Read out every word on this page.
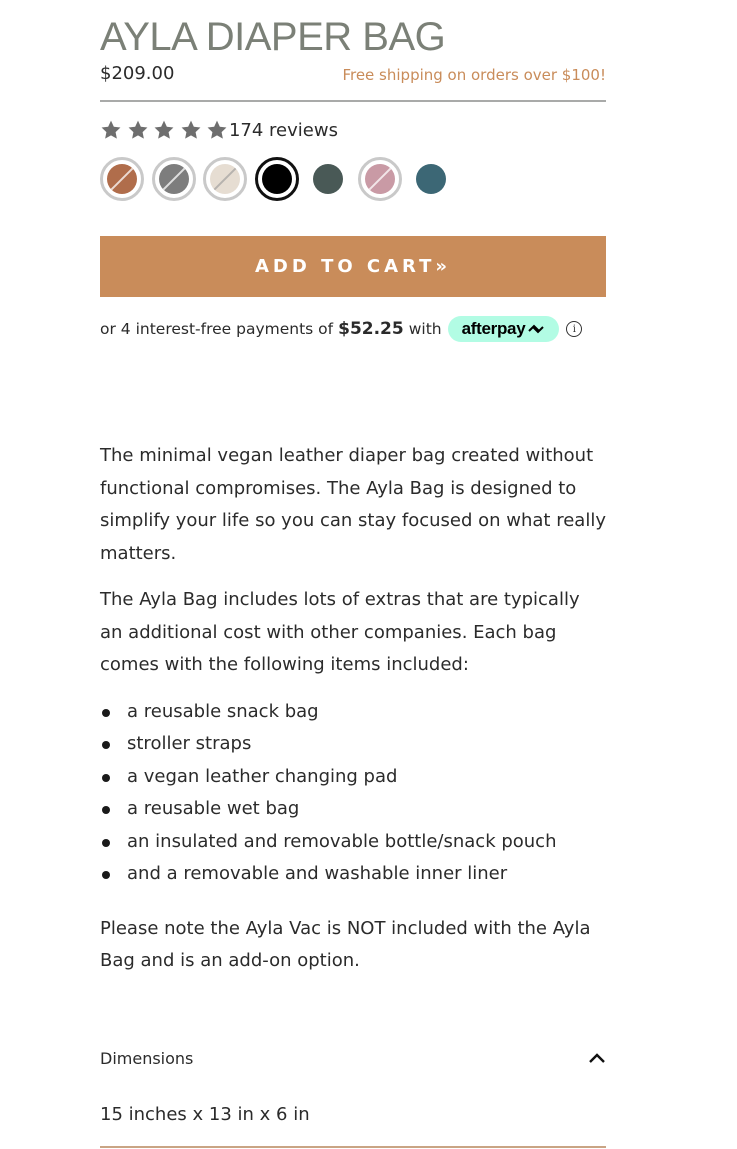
AYLA DIAPER BAG
$209.00	Free shipping on orders over $100!
174 reviews
ADD TO CART»
or 4 interest-free payments of $52.25 with afterpay	i

The minimal vegan leather diaper bag created without functional compromises. The Ayla Bag is designed to simplify your life so you can stay focused on what really matters.

The Ayla Bag includes lots of extras that are typically an additional cost with other companies. Each bag comes with the following items included:

a reusable snack bag
stroller straps
a vegan leather changing pad
a reusable wet bag
an insulated and removable bottle/snack pouch
and a removable and washable inner liner

Please note the Ayla Vac is NOT included with the Ayla Bag and is an add-on option.

Dimensions
15 inches x 13 in x 6 in
